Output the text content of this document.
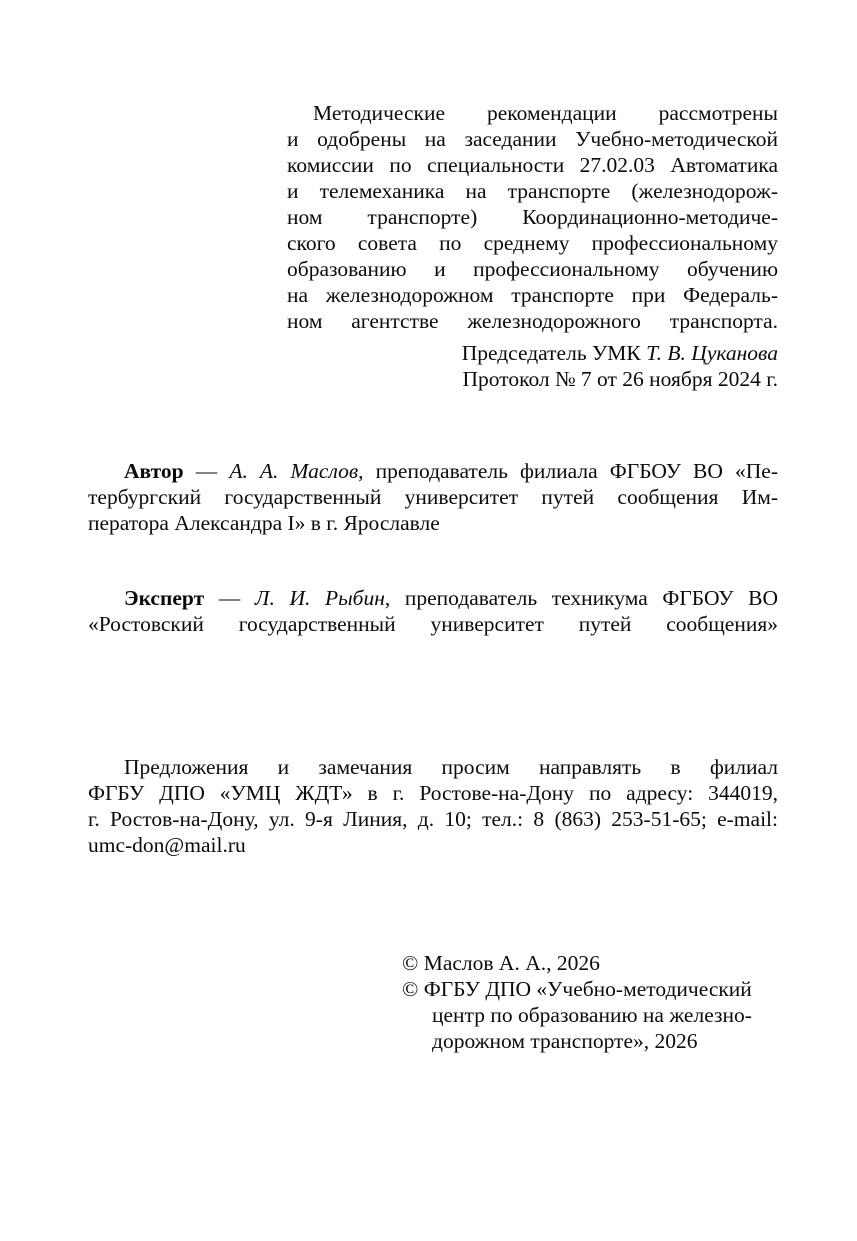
Методические рекомендации рассмотрены
и одобрены на заседании Учебно-методической
комиссии по специальности 27.02.03 Автоматика
и телемеханика на транспорте (железнодорож-
ном транспорте) Координационно-методиче-
ского совета по среднему профессиональному
образованию и профессиональному обучению
на железнодорожном транспорте при Федераль-
ном агентстве железнодорожного транспорта.
Председатель УМК Т. В. Цуканова
Протокол № 7 от 26 ноября 2024 г.
Автор — А. А. Маслов, преподаватель филиала ФГБОУ ВО «Пе-
тербургский государственный университет путей сообщения Им-
ператора Александра I» в г. Ярославле
Эксперт — Л. И. Рыбин, преподаватель техникума ФГБОУ ВО
«Ростовский государственный университет путей сообщения»
Предложения и замечания просим направлять в филиал
ФГБУ ДПО «УМЦ ЖДТ» в г. Ростове-на-Дону по адресу: 344019,
г. Ростов-на-Дону, ул. 9-я Линия, д. 10; тел.: 8 (863) 253-51-65; e-mail:
umc-don@mail.ru
© Маслов А. А., 2026
© ФГБУ ДПО «Учебно-методический
центр по образованию на железно-
дорожном транспорте», 2026
